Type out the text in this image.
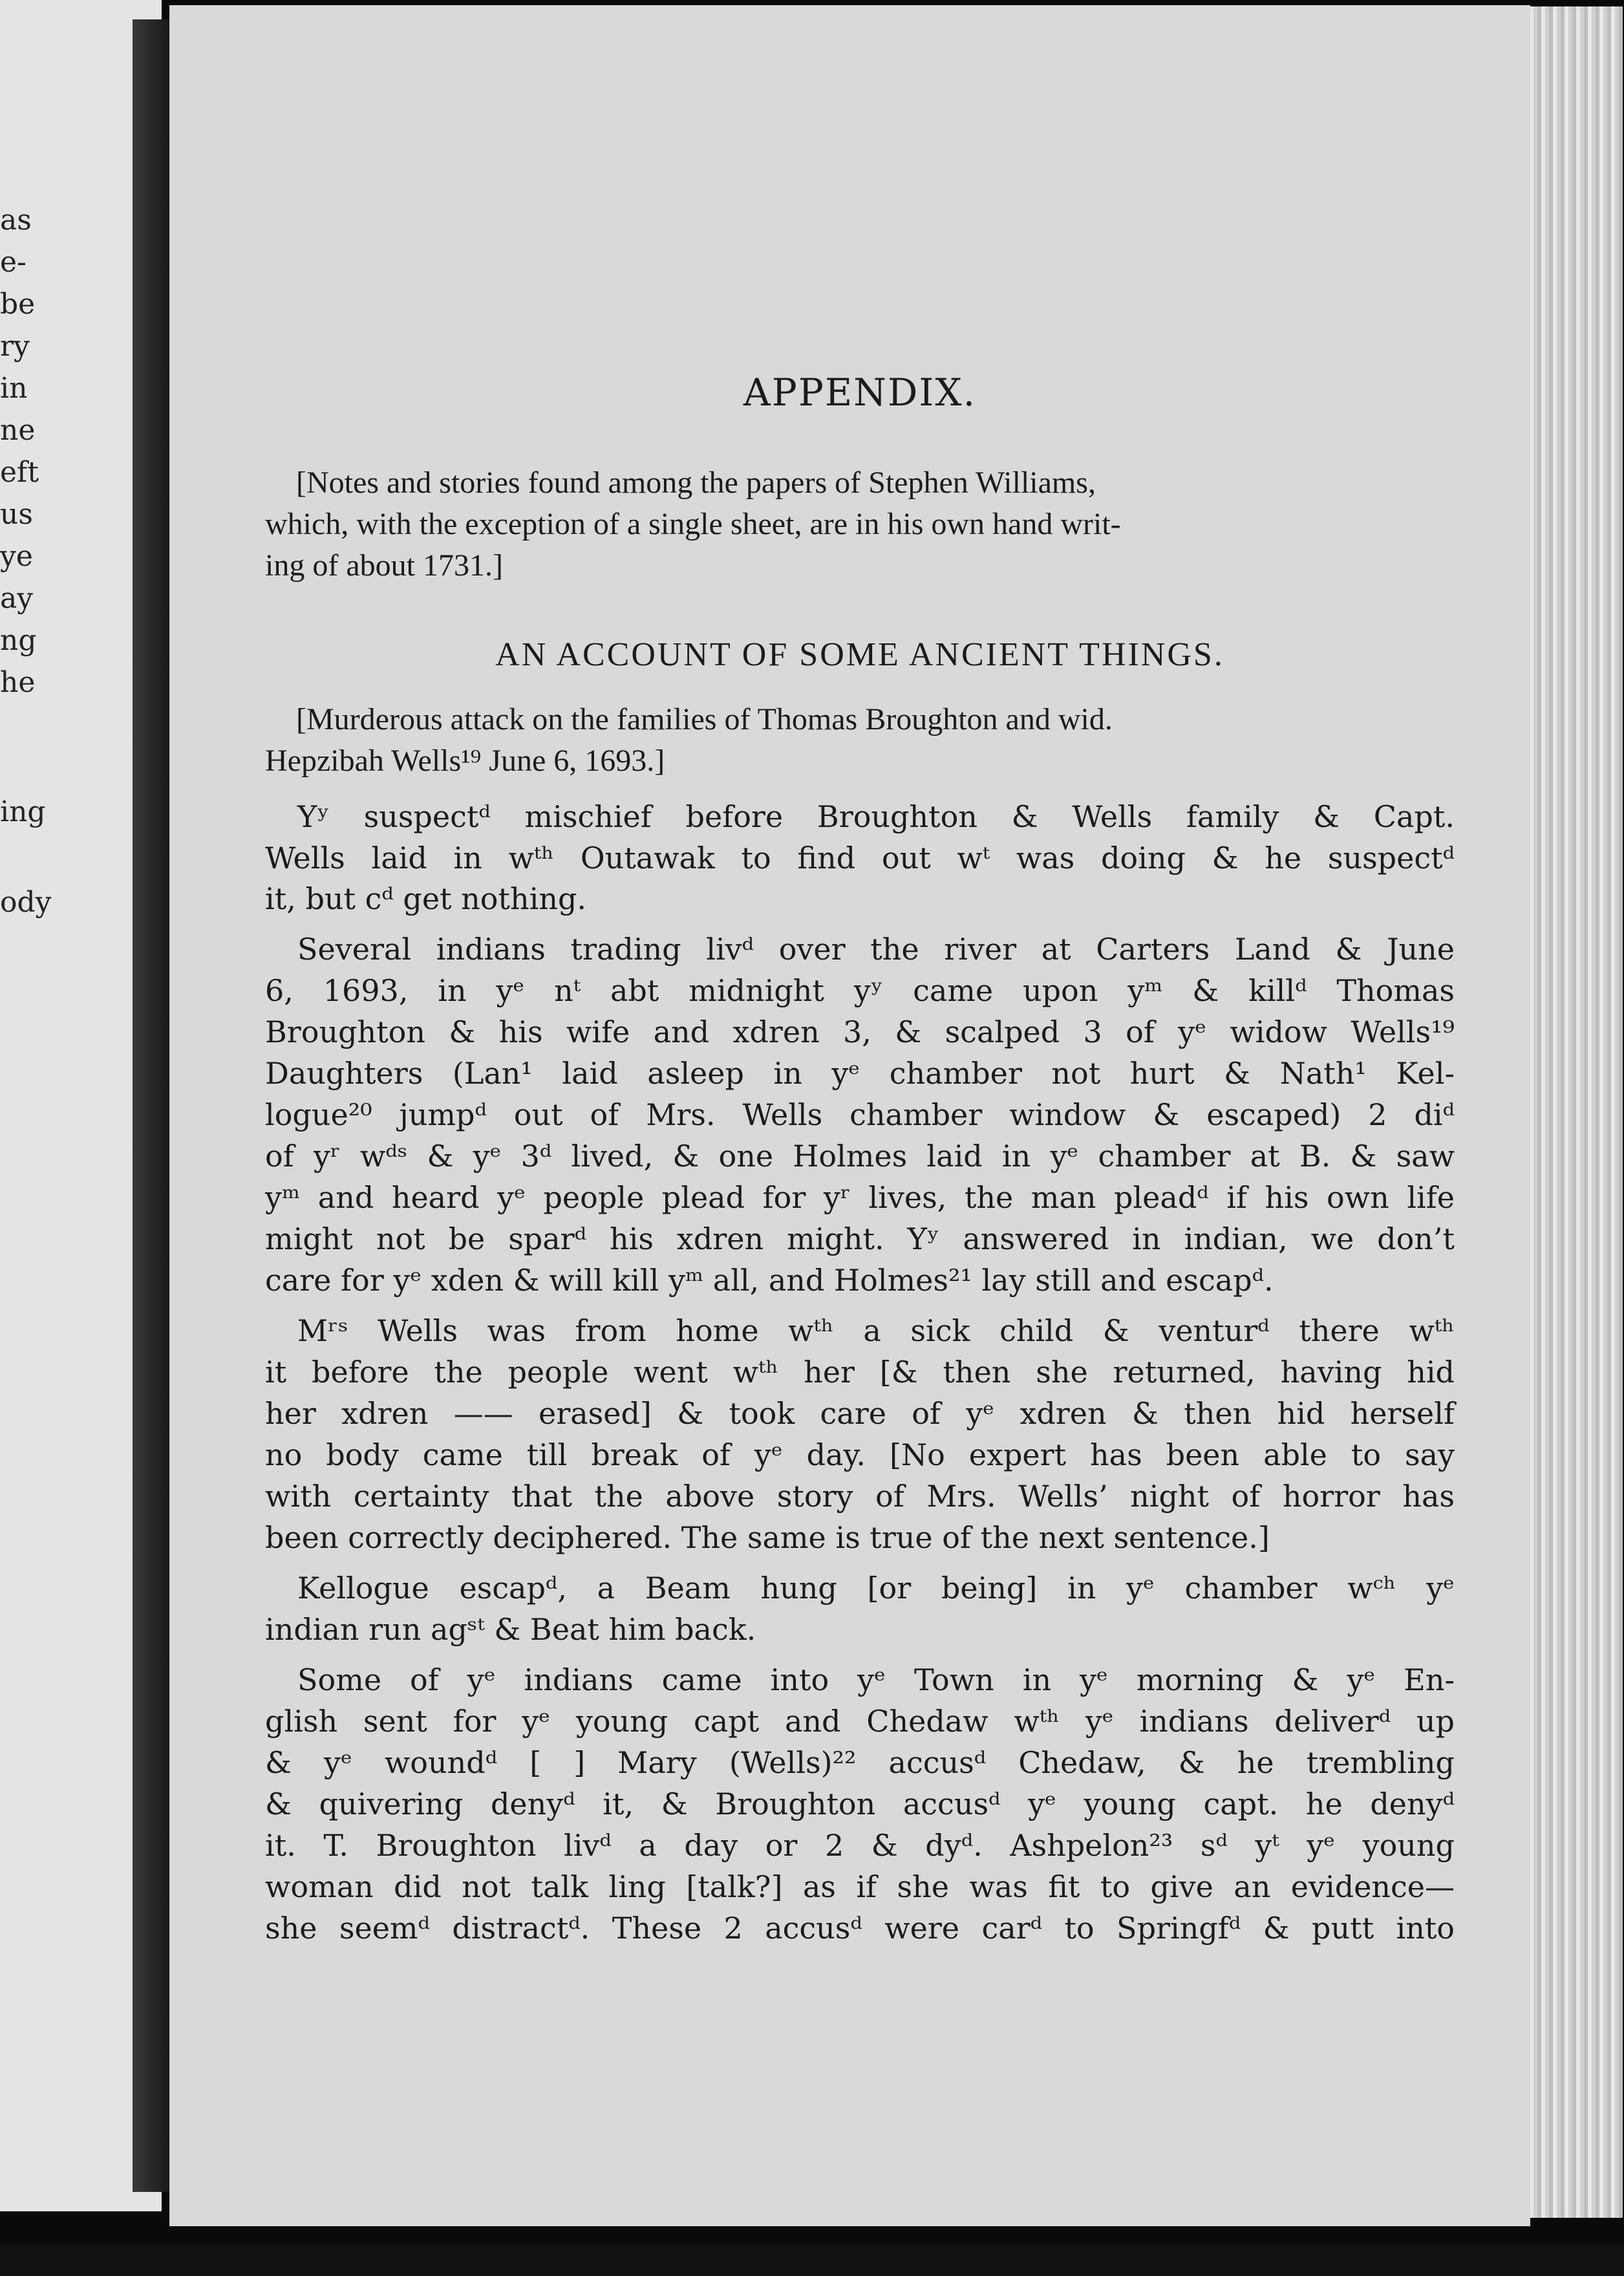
as
e-
be
ry
in
ne
eft
us
ye
ay
ng
he
ing
ody
APPENDIX.
[Notes and stories found among the papers of Stephen Williams,
which, with the exception of a single sheet, are in his own hand writ-
ing of about 1731.]
AN ACCOUNT OF SOME ANCIENT THINGS.
[Murderous attack on the families of Thomas Broughton and wid.
Hepzibah Wells¹⁹ June 6, 1693.]
Yʸ suspectᵈ mischief before Broughton & Wells family & Capt.
Wells laid in wᵗʰ Outawak to find out wᵗ was doing & he suspectᵈ
it, but cᵈ get nothing.
Several indians trading livᵈ over the river at Carters Land & June
6, 1693, in yᵉ nᵗ abt midnight yʸ came upon yᵐ & killᵈ Thomas
Broughton & his wife and xdren 3, & scalped 3 of yᵉ widow Wells¹⁹
Daughters (Lan¹ laid asleep in yᵉ chamber not hurt & Nath¹ Kel-
logue²⁰ jumpᵈ out of Mrs. Wells chamber window & escaped) 2 diᵈ
of yʳ wᵈˢ & yᵉ 3ᵈ lived, & one Holmes laid in yᵉ chamber at B. & saw
yᵐ and heard yᵉ people plead for yʳ lives, the man pleadᵈ if his own life
might not be sparᵈ his xdren might. Yʸ answered in indian, we don’t
care for yᵉ xden & will kill yᵐ all, and Holmes²¹ lay still and escapᵈ.
Mʳˢ Wells was from home wᵗʰ a sick child & venturᵈ there wᵗʰ
it before the people went wᵗʰ her [& then she returned, having hid
her xdren —— erased] & took care of yᵉ xdren & then hid herself
no body came till break of yᵉ day. [No expert has been able to say
with certainty that the above story of Mrs. Wells’ night of horror has
been correctly deciphered. The same is true of the next sentence.]
Kellogue escapᵈ, a Beam hung [or being] in yᵉ chamber wᶜʰ yᵉ
indian run agˢᵗ & Beat him back.
Some of yᵉ indians came into yᵉ Town in yᵉ morning & yᵉ En-
glish sent for yᵉ young capt and Chedaw wᵗʰ yᵉ indians deliverᵈ up
& yᵉ woundᵈ [ ] Mary (Wells)²² accusᵈ Chedaw, & he trembling
& quivering denyᵈ it, & Broughton accusᵈ yᵉ young capt. he denyᵈ
it. T. Broughton livᵈ a day or 2 & dyᵈ. Ashpelon²³ sᵈ yᵗ yᵉ young
woman did not talk ling [talk?] as if she was fit to give an evidence—
she seemᵈ distractᵈ. These 2 accusᵈ were carᵈ to Springfᵈ & putt into
